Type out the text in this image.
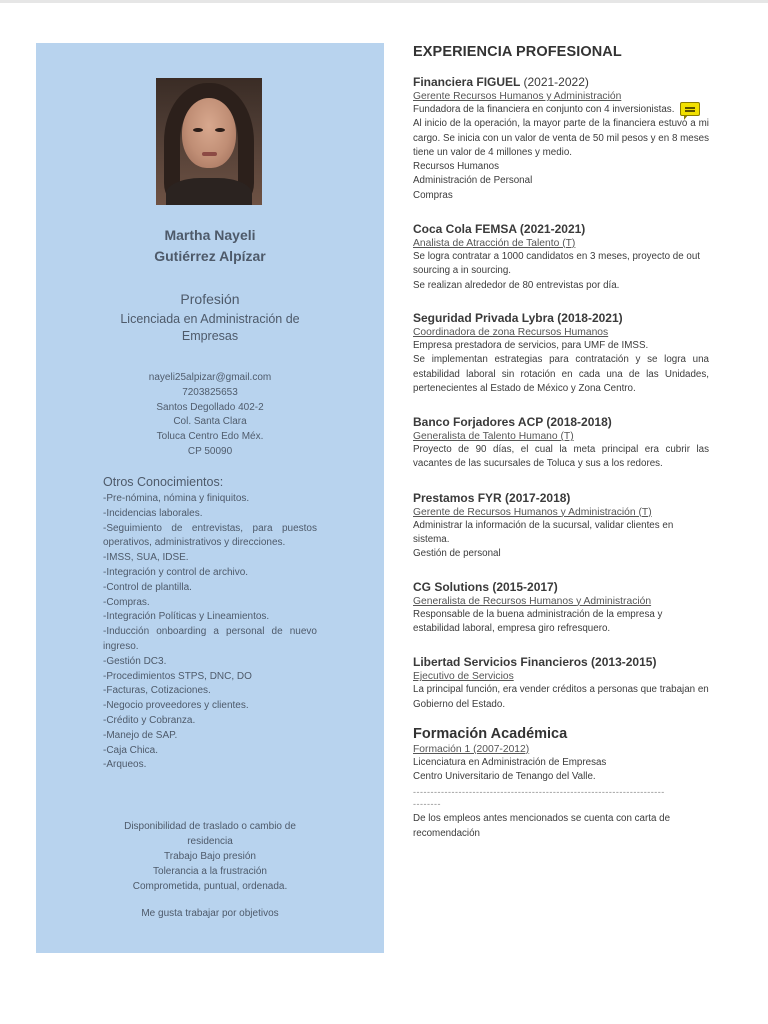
Martha Nayeli
Gutiérrez Alpízar
Profesión
Licenciada en Administración de
Empresas
nayeli25alpizar@gmail.com
7203825653
Santos Degollado 402-2
Col. Santa Clara
Toluca Centro Edo Méx.
CP 50090
Otros Conocimientos:
-Pre-nómina, nómina y finiquitos.
-Incidencias laborales.
-Seguimiento de entrevistas, para puestos operativos, administrativos y direcciones.
-IMSS, SUA, IDSE.
-Integración y control de archivo.
-Control de plantilla.
-Compras.
-Integración Políticas y Lineamientos.
-Inducción onboarding a personal de nuevo ingreso.
-Gestión DC3.
-Procedimientos STPS, DNC, DO
-Facturas, Cotizaciones.
-Negocio proveedores y clientes.
-Crédito y Cobranza.
-Manejo de SAP.
-Caja Chica.
-Arqueos.
Disponibilidad de traslado o cambio de
residencia
Trabajo Bajo presión
Tolerancia a la frustración
Comprometida, puntual, ordenada.
Me gusta trabajar por objetivos
EXPERIENCIA PROFESIONAL
Financiera FIGUEL (2021-2022)
Gerente Recursos Humanos y Administración

Fundadora de la financiera en conjunto con 4 inversionistas.

Al inicio de la operación, la mayor parte de la financiera estuvo a mi cargo. Se inicia con un valor de venta de 50 mil pesos y en 8 meses tiene un valor de 4 millones y medio.

Recursos Humanos

Administración de Personal

Compras

Coca Cola FEMSA (2021-2021)
Analista de Atracción de Talento (T)

Se logra contratar a 1000 candidatos en 3 meses, proyecto de out sourcing a in sourcing.

Se realizan alrededor de 80 entrevistas por día.

Seguridad Privada Lybra (2018-2021)
Coordinadora de zona Recursos Humanos

Empresa prestadora de servicios, para UMF de IMSS.

Se implementan estrategias para contratación y se logra una estabilidad laboral sin rotación en cada una de las Unidades, pertenecientes al Estado de México y Zona Centro.

Banco Forjadores ACP (2018-2018)
Generalista de Talento Humano (T)

Proyecto de 90 días, el cual la meta principal era cubrir las vacantes de las sucursales de Toluca y sus a los redores.

Prestamos FYR (2017-2018)
Gerente de Recursos Humanos y Administración (T)

Administrar la información de la sucursal, validar clientes en sistema.

Gestión de personal

CG Solutions (2015-2017)
Generalista de Recursos Humanos y Administración

Responsable de la buena administración de la empresa y estabilidad laboral, empresa giro refresquero.

Libertad Servicios Financieros (2013-2015)
Ejecutivo de Servicios

La principal función, era vender créditos a personas que trabajan en Gobierno del Estado.

Formación Académica
Formación 1 (2007-2012)

Licenciatura en Administración de Empresas

Centro Universitario de Tenango del Valle.

------------------------------------------------------------------------
--------

De los empleos antes mencionados se cuenta con carta de recomendación
